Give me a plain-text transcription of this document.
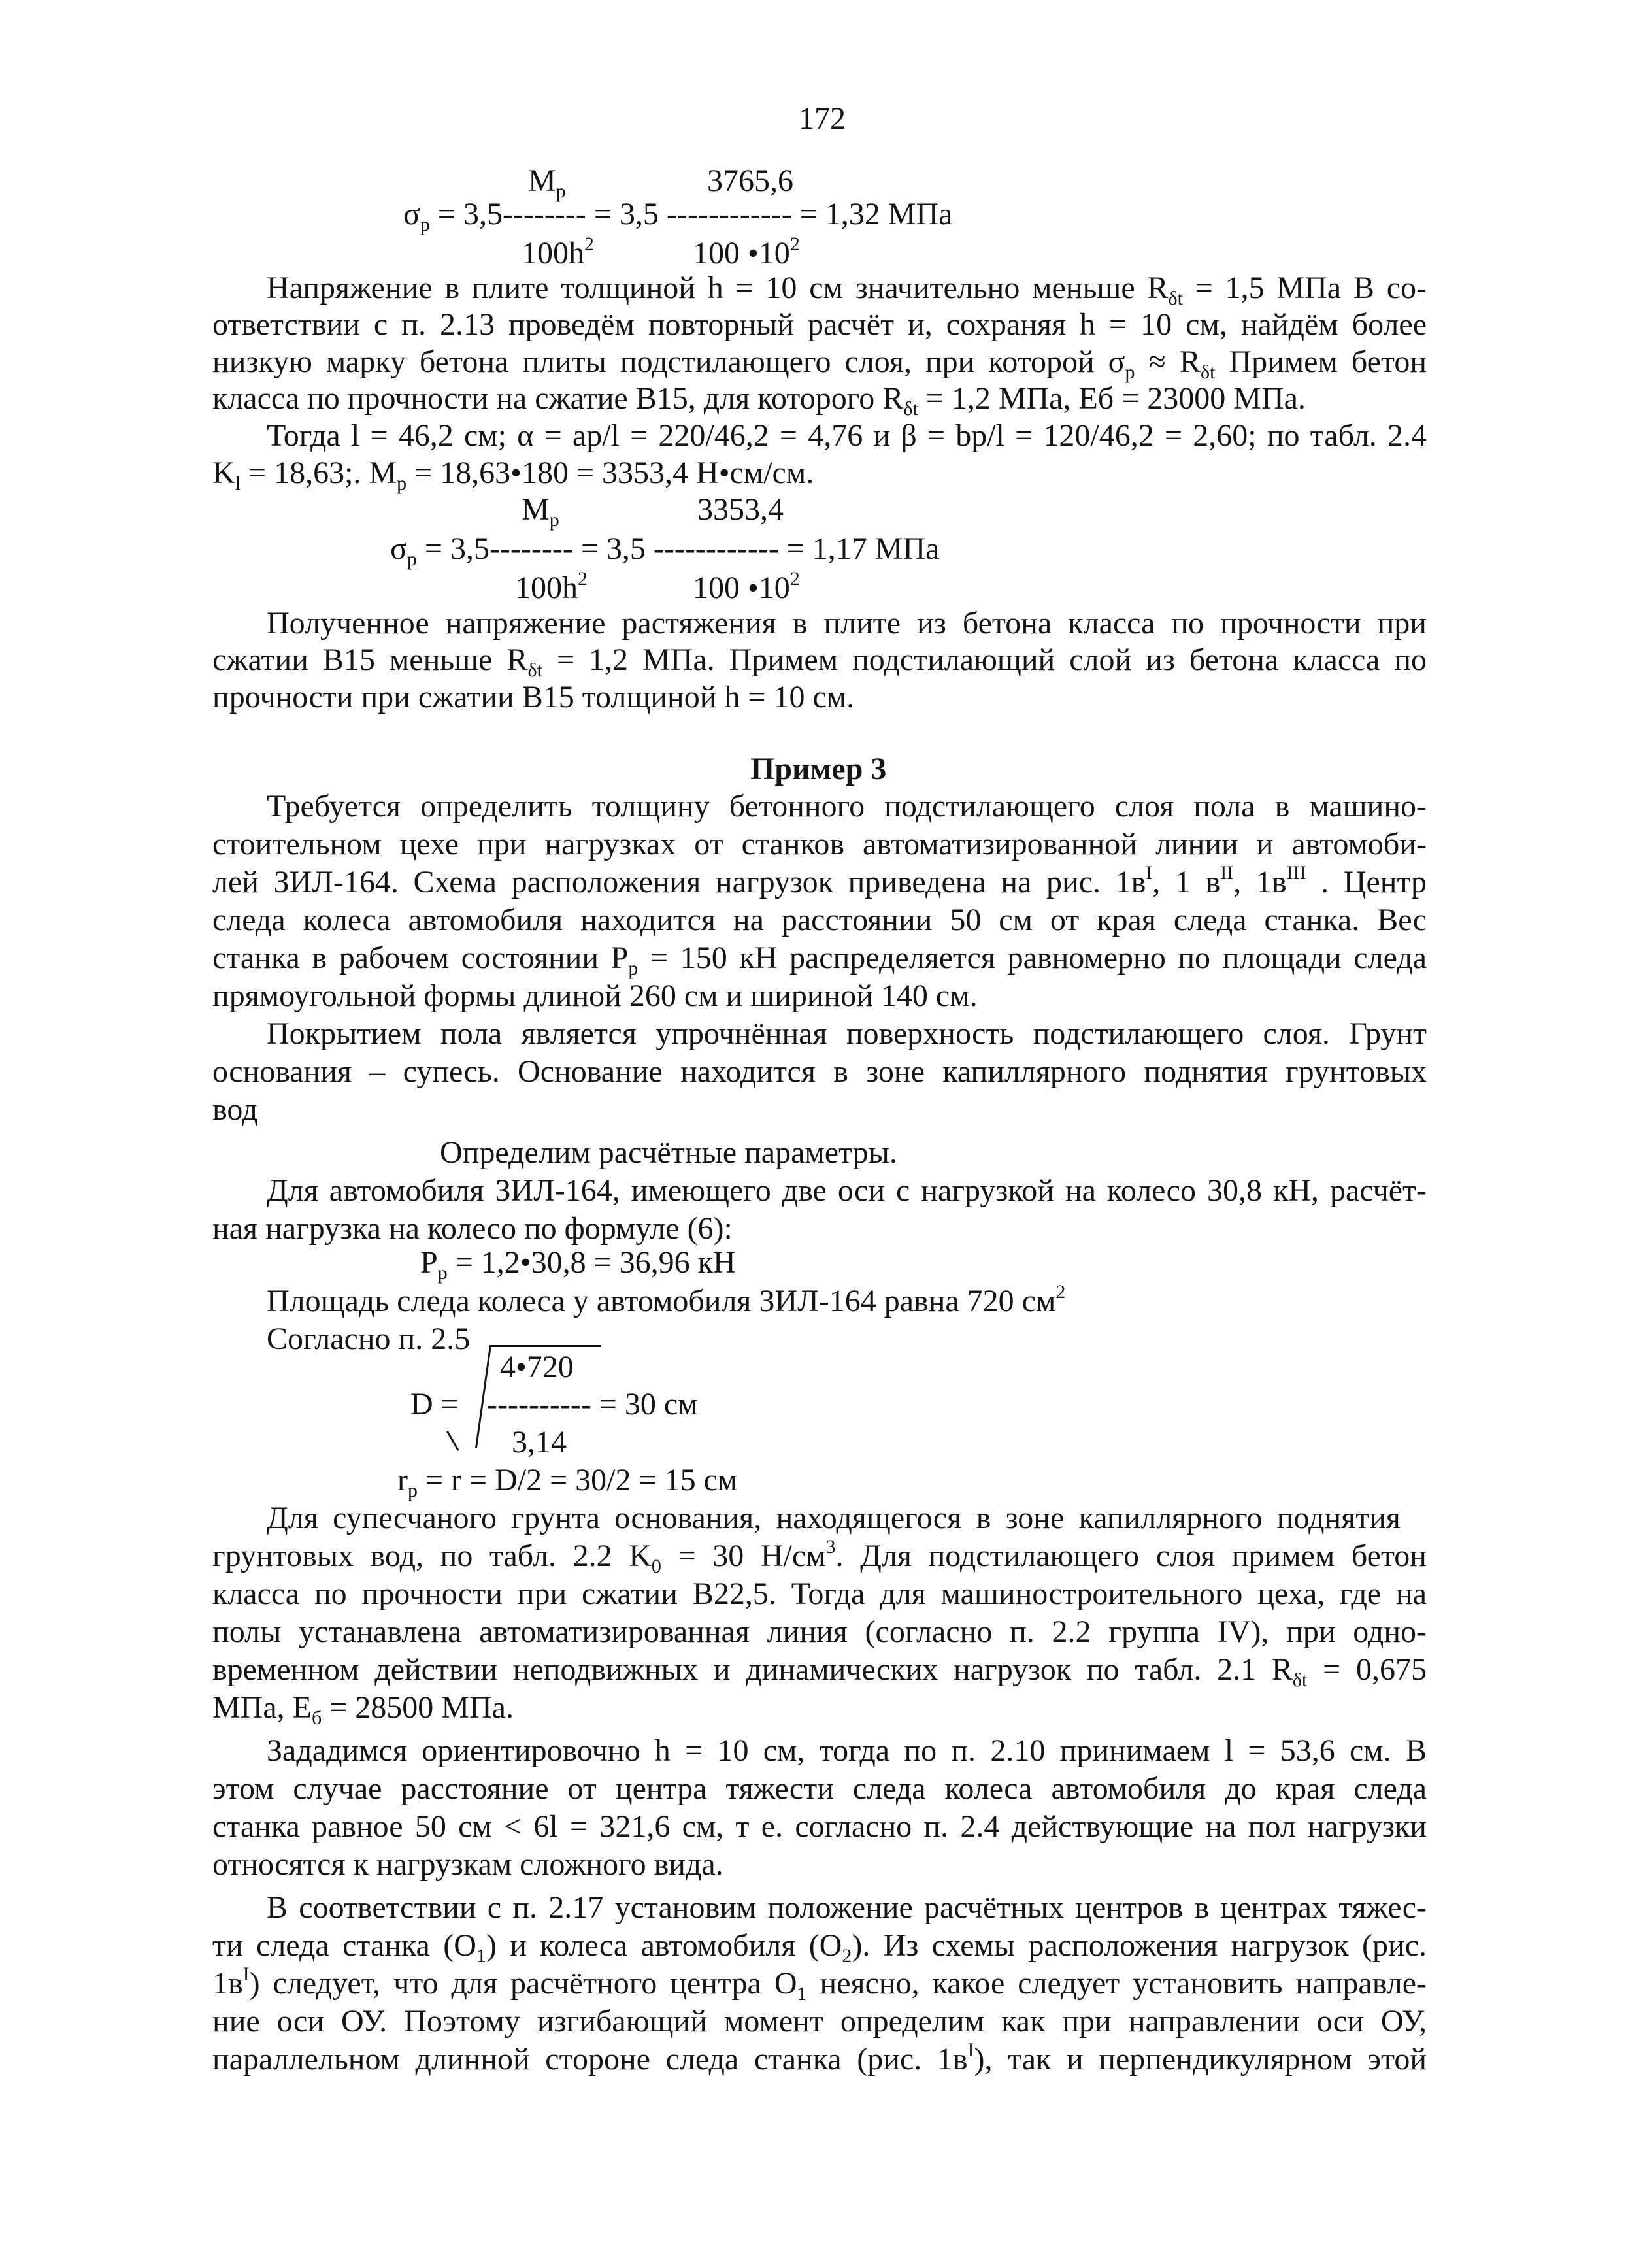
172
$M_p$	3765,6
$\sigma_p = 3,5-------- = 3,5$ ------------ = 1,32 МПа
$100h^2$	100 $•10^2$
Напряжение в плите толщиной h = 10 см значительно меньше $R_{\delta t} = 1,5$ МПа В со-
ответствии с п. 2.13 проведём повторный расчёт и, сохраняя h = 10 см, найдём более
низкую марку бетона плиты подстилающего слоя, при которой $\sigma_p \approx R_{\delta t}$ Примем бетон
класса по прочности на сжатие В15, для которого $R_{\delta t} = 1,2$ МПа, Еб = 23000 МПа.
Тогда l = 46,2 см; α = ap/l = 220/46,2 = 4,76 и β = bp/l = 120/46,2 = 2,60; по табл. 2.4
$K_l = 18,63$;. $M_p$ = 18,63•180 = 3353,4 Н•см/см.
$M_p$	3353,4
$\sigma_p = 3,5-------- = 3,5$ ------------ = 1,17 МПа
$100h^2$	100 $•10^2$
Полученное напряжение растяжения в плите из бетона класса по прочности при
сжатии В15 меньше $R_{\delta t} = 1,2$ МПа. Примем подстилающий слой из бетона класса по
прочности при сжатии В15 толщиной h = 10 см.
Пример 3
Требуется определить толщину бетонного подстилающего слоя пола в машино-
стоительном цехе при нагрузках от станков автоматизированной линии и автомоби-
лей ЗИЛ-164. Схема расположения нагрузок приведена на рис. $1в^I$, 1 $в^{II}$, $1в^{III}$ . Центр
следа колеса автомобиля находится на расстоянии 50 см от края следа станка. Вес
станка в рабочем состоянии $P_p = 150$ кН распределяется равномерно по площади следа
прямоугольной формы длиной 260 см и шириной 140 см.
Покрытием пола является упрочнённая поверхность подстилающего слоя. Грунт
основания – супесь. Основание находится в зоне капиллярного поднятия грунтовых
вод
Определим расчётные параметры.
Для автомобиля ЗИЛ-164, имеющего две оси с нагрузкой на колесо 30,8 кН, расчёт-
ная нагрузка на колесо по формуле (6):
$P_p$ = 1,2•30,8 = 36,96 кН
Площадь следа колеса у автомобиля ЗИЛ-164 равна 720 $см^2$
Согласно п. 2.5
4•720
D = ---------- = 30 см
3,14
$r_p = r = D/2 = 30/2 = 15$ см
Для супесчаного грунта основания, находящегося в зоне капиллярного поднятия
грунтовых вод, по табл. 2.2 $K_0 = 30$ $Н/см^3$. Для подстилающего слоя примем бетон
класса по прочности при сжатии В22,5. Тогда для машиностроительного цеха, где на
полы устанавлена автоматизированная линия (согласно п. 2.2 группа IV), при одно-
временном действии неподвижных и динамических нагрузок по табл. 2.1 $R_{\delta t} = 0,675$
МПа, $Е_б = 28500$ МПа.
Зададимся ориентировочно h = 10 см, тогда по п. 2.10 принимаем l = 53,6 см. В
этом случае расстояние от центра тяжести следа колеса автомобиля до края следа
станка равное 50 см < 6l = 321,6 см, т е. согласно п. 2.4 действующие на пол нагрузки
относятся к нагрузкам сложного вида.
В соответствии с п. 2.17 установим положение расчётных центров в центрах тяжес-
ти следа станка $(O_1)$ и колеса автомобиля $(O_2)$. Из схемы расположения нагрузок (рис.
$1в^I$) следует, что для расчётного центра $O_1$ неясно, какое следует установить направле-
ние оси ОУ. Поэтому изгибающий момент определим как при направлении оси ОУ,
параллельном длинной стороне следа станка (рис. $1в^I$), так и перпендикулярном этой
